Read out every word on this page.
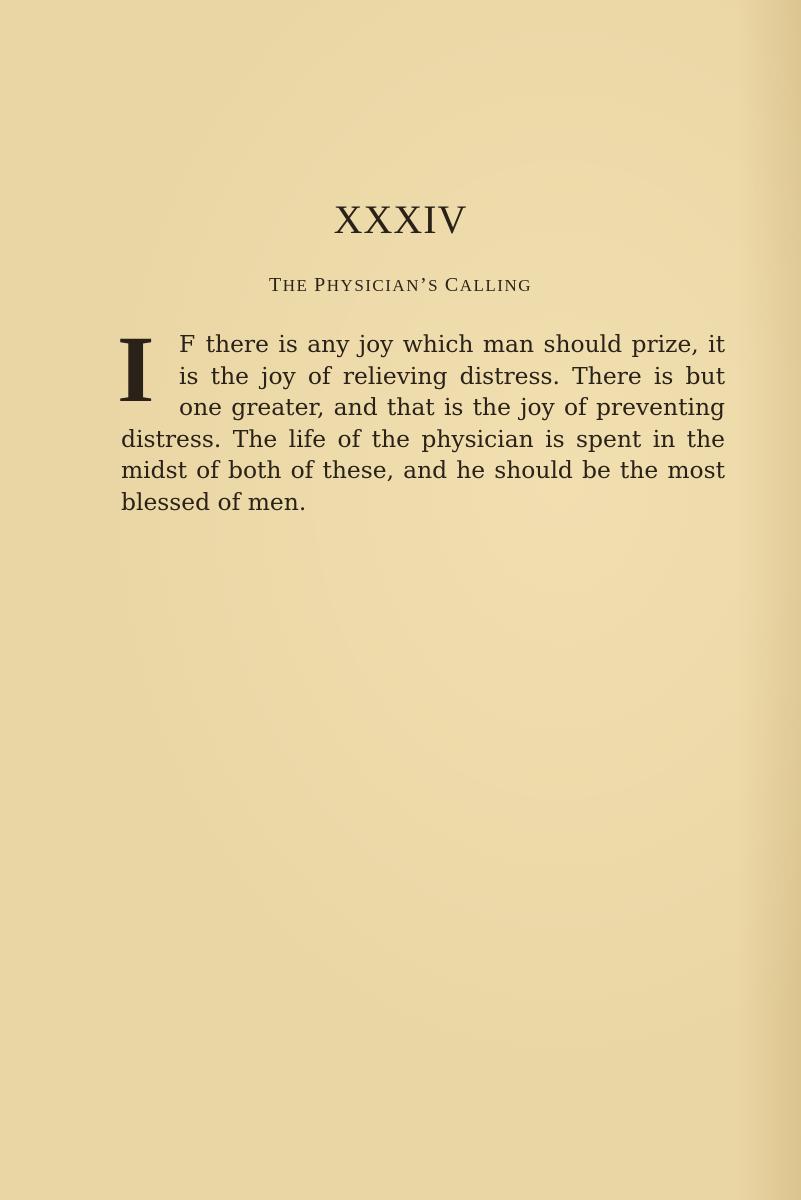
XXXIV
THE PHYSICIAN’S CALLING

I	F there is any joy which man should prize, it is the joy of relieving distress. There is but one greater, and that is the joy of preventing distress. The life of the physician is spent in the midst of both of these, and he should be the most blessed of men.
